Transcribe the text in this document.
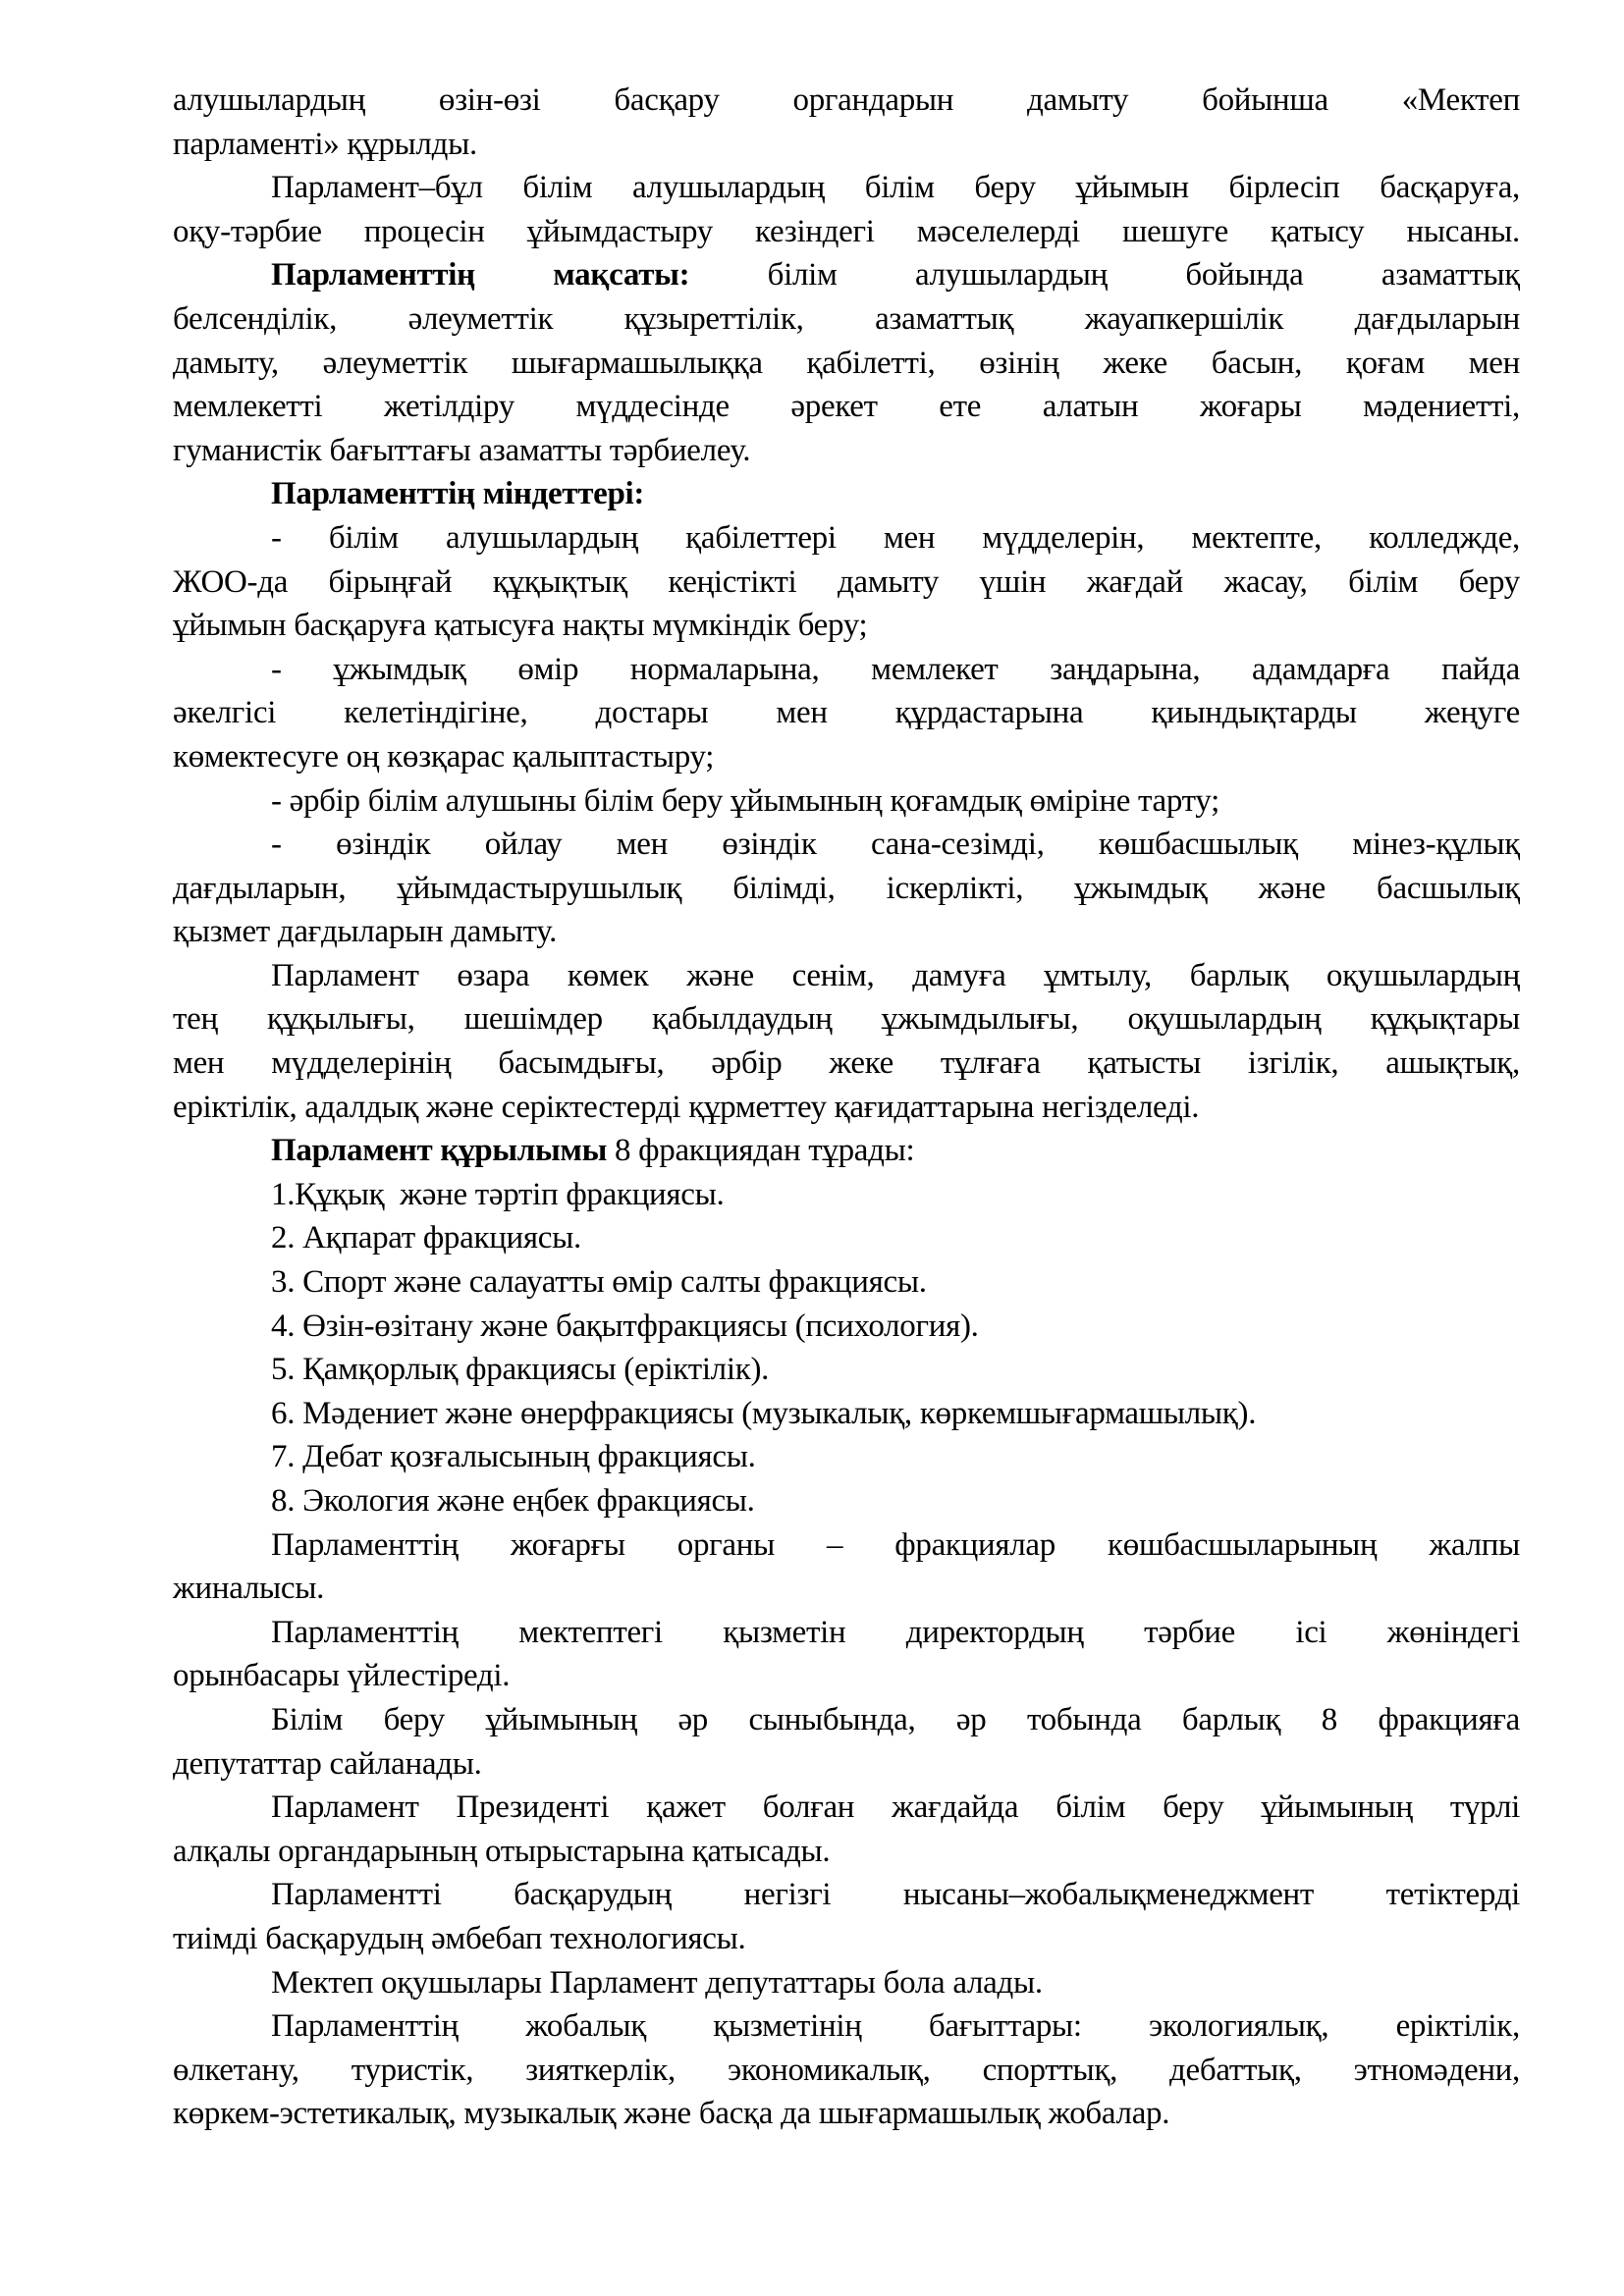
алушылардың өзін-өзі басқару органдарын дамыту бойынша «Мектеп
парламенті» құрылды.
Парламент–бұл білім алушылардың білім беру ұйымын бірлесіп басқаруға,
оқу-тәрбие процесін ұйымдастыру кезіндегі мәселелерді шешуге қатысу нысаны.
Парламенттің мақсаты: білім алушылардың бойында азаматтық
белсенділік, әлеуметтік құзыреттілік, азаматтық жауапкершілік дағдыларын
дамыту, әлеуметтік шығармашылыққа қабілетті, өзінің жеке басын, қоғам мен
мемлекетті жетілдіру мүддесінде әрекет ете алатын жоғары мәдениетті,
гуманистік бағыттағы азаматты тәрбиелеу.
Парламенттің міндеттері:
- білім алушылардың қабілеттері мен мүдделерін, мектепте, колледжде,
ЖОО-да бірыңғай құқықтық кеңістікті дамыту үшін жағдай жасау, білім беру
ұйымын басқаруға қатысуға нақты мүмкіндік беру;
- ұжымдық өмір нормаларына, мемлекет заңдарына, адамдарға пайда
әкелгісі келетіндігіне, достары мен құрдастарына қиындықтарды жеңуге
көмектесуге оң көзқарас қалыптастыру;
- әрбір білім алушыны білім беру ұйымының қоғамдық өміріне тарту;
- өзіндік ойлау мен өзіндік сана-сезімді, көшбасшылық мінез-құлық
дағдыларын, ұйымдастырушылық білімді, іскерлікті, ұжымдық және басшылық
қызмет дағдыларын дамыту.
Парламент өзара көмек және сенім, дамуға ұмтылу, барлық оқушылардың
тең құқылығы, шешімдер қабылдаудың ұжымдылығы, оқушылардың құқықтары
мен мүдделерінің басымдығы, әрбір жеке тұлғаға қатысты ізгілік, ашықтық,
еріктілік, адалдық және серіктестерді құрметтеу қағидаттарына негізделеді.
Парламент құрылымы 8 фракциядан тұрады:
1.Құқық  және тәртіп фракциясы.
2. Ақпарат фракциясы.
3. Спорт және салауатты өмір салты фракциясы.
4. Өзін-өзітану және бақытфракциясы (психология).
5. Қамқорлық фракциясы (еріктілік).
6. Мәдениет және өнерфракциясы (музыкалық, көркемшығармашылық).
7. Дебат қозғалысының фракциясы.
8. Экология және еңбек фракциясы.
Парламенттің жоғарғы органы – фракциялар көшбасшыларының жалпы
жиналысы.
Парламенттің мектептегі қызметін директордың тәрбие ісі жөніндегі
орынбасары үйлестіреді.
Білім беру ұйымының әр сыныбында, әр тобында барлық 8 фракцияға
депутаттар сайланады.
Парламент Президенті қажет болған жағдайда білім беру ұйымының түрлі
алқалы органдарының отырыстарына қатысады.
Парламентті басқарудың негізгі нысаны–жобалықменеджмент тетіктерді
тиімді басқарудың әмбебап технологиясы.
Мектеп оқушылары Парламент депутаттары бола алады.
Парламенттің жобалық қызметінің бағыттары: экологиялық, еріктілік,
өлкетану, туристік, зияткерлік, экономикалық, спорттық, дебаттық, этномәдени,
көркем-эстетикалық, музыкалық және басқа да шығармашылық жобалар.
